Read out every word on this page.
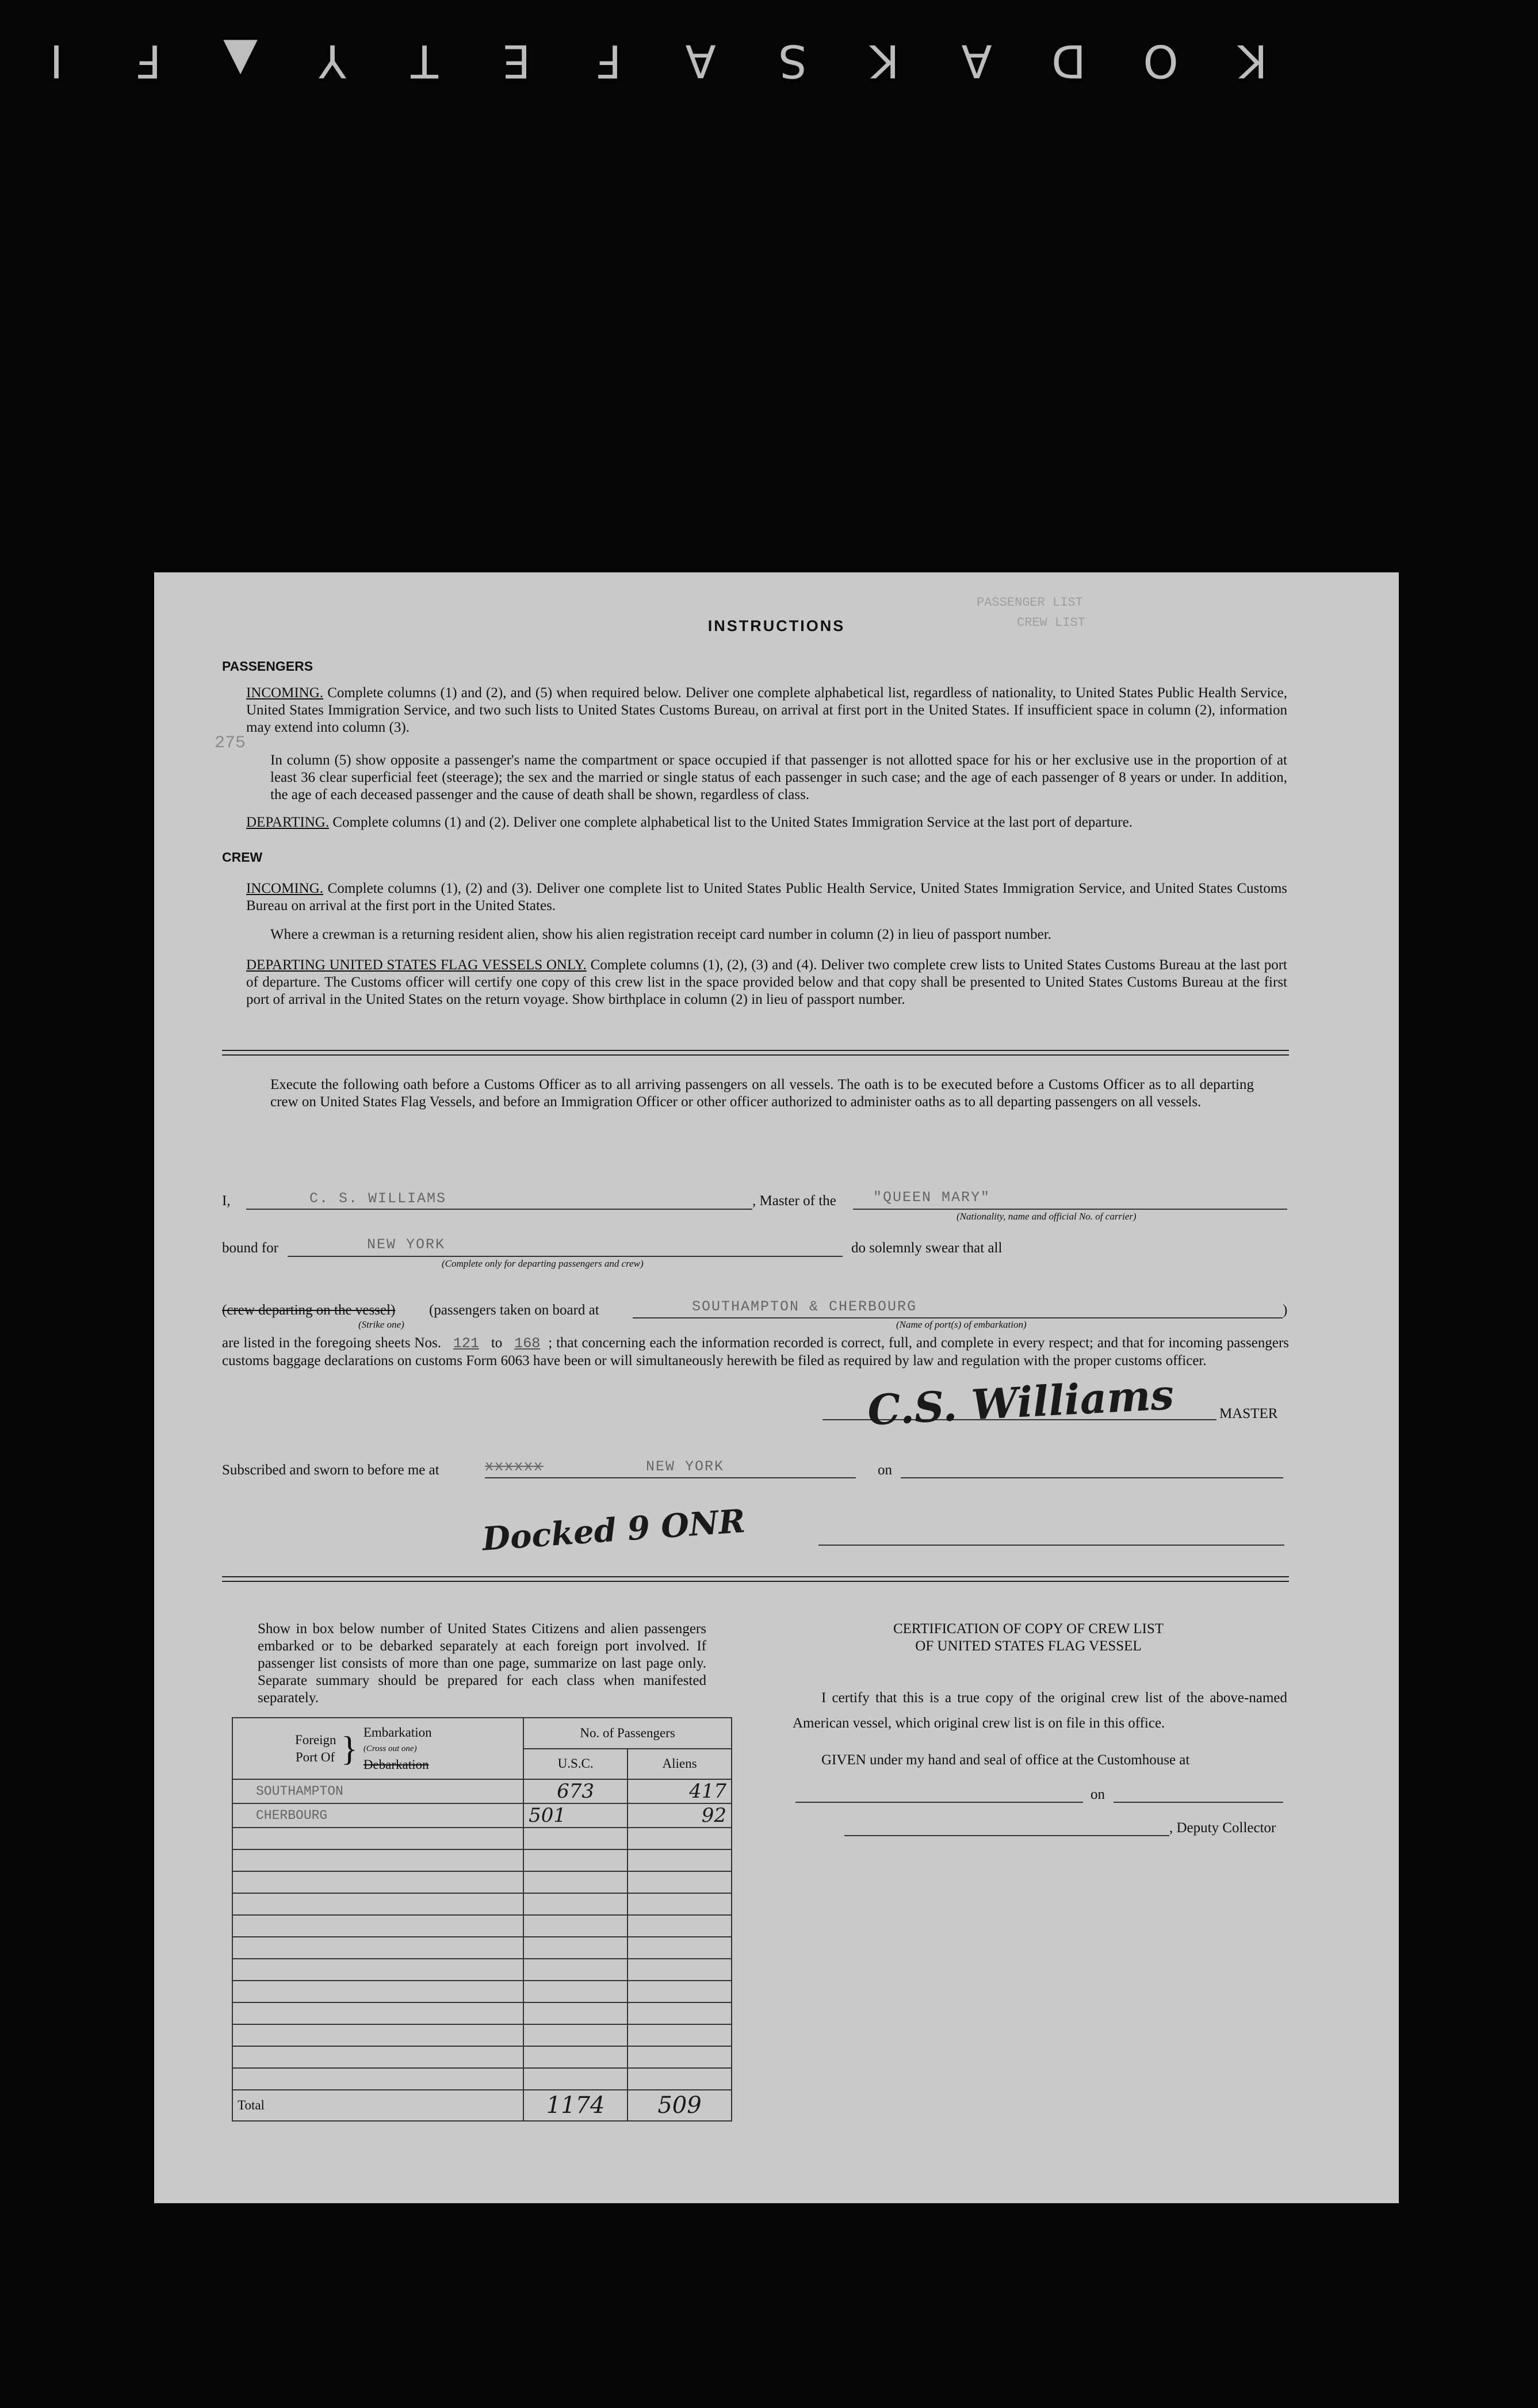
K
O
D
A
K
S
A
F
E
T
Y
▲
F
I
PASSENGER LIST
CREW LIST
275
INSTRUCTIONS
PASSENGERS
INCOMING. Complete columns (1) and (2), and (5) when required below. Deliver one complete alphabetical list, regardless of nationality, to United States Public Health Service, United States Immigration Service, and two such lists to United States Customs Bureau, on arrival at first port in the United States. If insufficient space in column (2), information may extend into column (3).
In column (5) show opposite a passenger's name the compartment or space occupied if that passenger is not allotted space for his or her exclusive use in the proportion of at least 36 clear superficial feet (steerage); the sex and the married or single status of each passenger in such case; and the age of each passenger of 8 years or under. In addition, the age of each deceased passenger and the cause of death shall be shown, regardless of class.
DEPARTING. Complete columns (1) and (2). Deliver one complete alphabetical list to the United States Immigration Service at the last port of departure.
CREW
INCOMING. Complete columns (1), (2) and (3). Deliver one complete list to United States Public Health Service, United States Immigration Service, and United States Customs Bureau on arrival at the first port in the United States.
Where a crewman is a returning resident alien, show his alien registration receipt card number in column (2) in lieu of passport number.
DEPARTING UNITED STATES FLAG VESSELS ONLY. Complete columns (1), (2), (3) and (4). Deliver two complete crew lists to United States Customs Bureau at the last port of departure. The Customs officer will certify one copy of this crew list in the space provided below and that copy shall be presented to United States Customs Bureau at the first port of arrival in the United States on the return voyage. Show birthplace in column (2) in lieu of passport number.
Execute the following oath before a Customs Officer as to all arriving passengers on all vessels. The oath is to be executed before a Customs Officer as to all departing crew on United States Flag Vessels, and before an Immigration Officer or other officer authorized to administer oaths as to all departing passengers on all vessels.
I,	C. S. WILLIAMS	, Master of the	"QUEEN MARY"
(Nationality, name and official No. of carrier)
bound for	NEW YORK
(Complete only for departing passengers and crew)
do solemnly swear that all
(crew departing on the vessel) (passengers taken on board at
(Strike one)
SOUTHAMPTON & CHERBOURG
(Name of port(s) of embarkation)
)
are listed in the foregoing sheets Nos. 121 to 168 ; that concerning each the information recorded is correct, full, and complete in every respect; and that for incoming passengers customs baggage declarations on customs Form 6063 have been or will simultaneously herewith be filed as required by law and regulation with the proper customs officer.
C.S. Williams	MASTER
Subscribed and sworn to before me at	xxxxxx	NEW YORK	on
Docked 9 ONR
Show in box below number of United States Citizens and alien passengers embarked or to be debarked separately at each foreign port involved. If passenger list consists of more than one page, summarize on last page only. Separate summary should be prepared for each class when manifested separately.
Foreign Port Of } Embarkation
(Cross out one)
Debarkation	No. of Passengers	
	U.S.C.	Aliens
SOUTHAMPTON	673	417
CHERBOURG	501	92

Total	1174	509
CERTIFICATION OF COPY OF CREW LIST
OF UNITED STATES FLAG VESSEL
I certify that this is a true copy of the original crew list of the above-named American vessel, which original crew list is on file in this office.
GIVEN under my hand and seal of office at the Customhouse at
on
, Deputy Collector
